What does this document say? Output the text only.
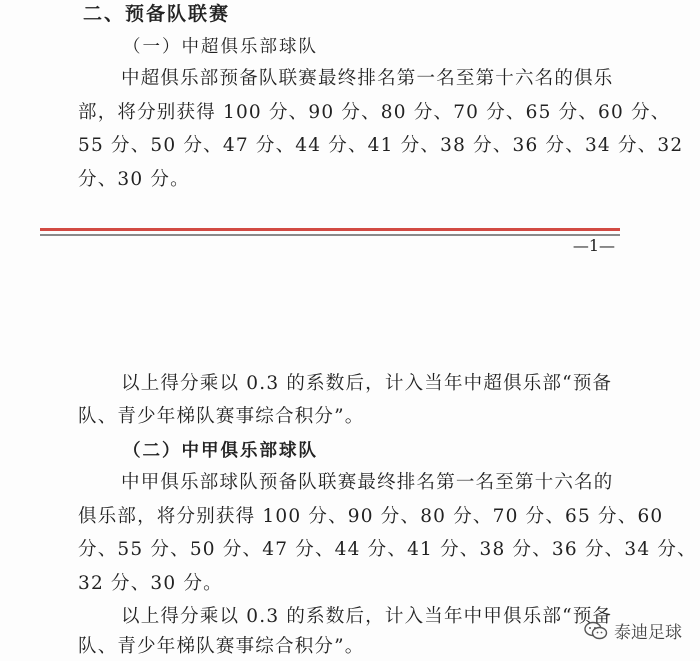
二、预备队联赛
（一）中超俱乐部球队
中超俱乐部预备队联赛最终排名第一名至第十六名的俱乐
部，将分别获得 100 分、90 分、80 分、70 分、65 分、60 分、
55 分、50 分、47 分、44 分、41 分、38 分、36 分、34 分、32
分、30 分。
—1—
以上得分乘以 0.3 的系数后，计入当年中超俱乐部“预备
队、青少年梯队赛事综合积分”。
（二）中甲俱乐部球队
中甲俱乐部球队预备队联赛最终排名第一名至第十六名的
俱乐部，将分别获得 100 分、90 分、80 分、70 分、65 分、60
分、55 分、50 分、47 分、44 分、41 分、38 分、36 分、34 分、
32 分、30 分。
以上得分乘以 0.3 的系数后，计入当年中甲俱乐部“预备
队、青少年梯队赛事综合积分”。
泰迪足球
